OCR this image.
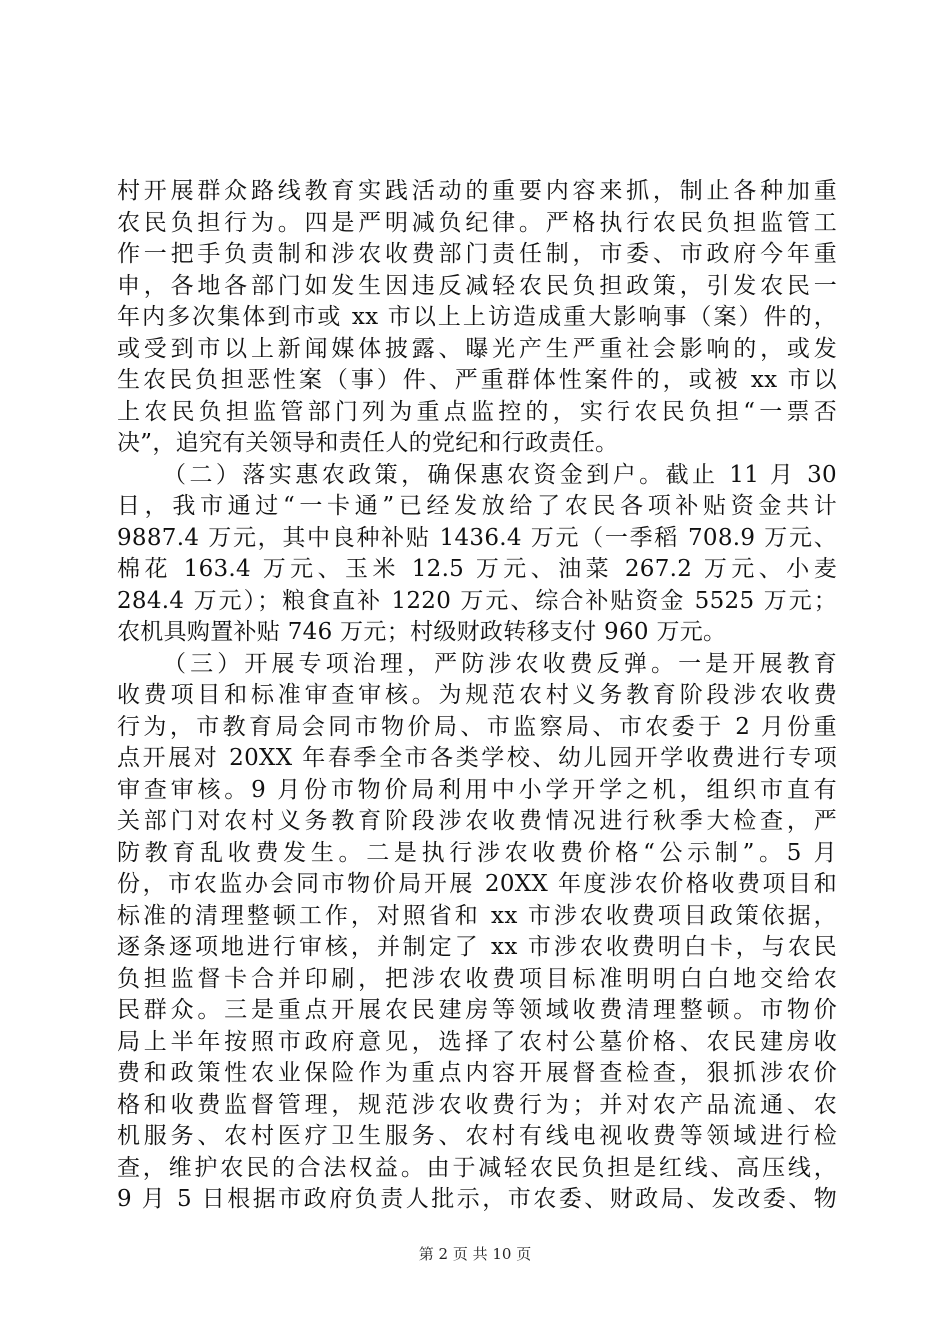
村开展群众路线教育实践活动的重要内容来抓，制止各种加重
农民负担行为。四是严明减负纪律。严格执行农民负担监管工
作一把手负责制和涉农收费部门责任制，市委、市政府今年重
申，各地各部门如发生因违反减轻农民负担政策，引发农民一
年内多次集体到市或 xx 市以上上访造成重大影响事（案）件的，
或受到市以上新闻媒体披露、曝光产生严重社会影响的，或发
生农民负担恶性案（事）件、严重群体性案件的，或被 xx 市以
上农民负担监管部门列为重点监控的，实行农民负担“一票否
决”，追究有关领导和责任人的党纪和行政责任。
（二）落实惠农政策，确保惠农资金到户。截止 11 月 30
日，我市通过“一卡通”已经发放给了农民各项补贴资金共计
9887.4 万元，其中良种补贴 1436.4 万元（一季稻 708.9 万元、
棉花 163.4 万元、玉米 12.5 万元、油菜 267.2 万元、小麦
284.4 万元）；粮食直补 1220 万元、综合补贴资金 5525 万元；
农机具购置补贴 746 万元；村级财政转移支付 960 万元。
（三）开展专项治理，严防涉农收费反弹。一是开展教育
收费项目和标准审查审核。为规范农村义务教育阶段涉农收费
行为，市教育局会同市物价局、市监察局、市农委于 2 月份重
点开展对 20XX 年春季全市各类学校、幼儿园开学收费进行专项
审查审核。9 月份市物价局利用中小学开学之机，组织市直有
关部门对农村义务教育阶段涉农收费情况进行秋季大检查，严
防教育乱收费发生。二是执行涉农收费价格“公示制”。5 月
份，市农监办会同市物价局开展 20XX 年度涉农价格收费项目和
标准的清理整顿工作，对照省和 xx 市涉农收费项目政策依据，
逐条逐项地进行审核，并制定了 xx 市涉农收费明白卡，与农民
负担监督卡合并印刷，把涉农收费项目标准明明白白地交给农
民群众。三是重点开展农民建房等领域收费清理整顿。市物价
局上半年按照市政府意见，选择了农村公墓价格、农民建房收
费和政策性农业保险作为重点内容开展督查检查，狠抓涉农价
格和收费监督管理，规范涉农收费行为；并对农产品流通、农
机服务、农村医疗卫生服务、农村有线电视收费等领域进行检
查，维护农民的合法权益。由于减轻农民负担是红线、高压线，
9 月 5 日根据市政府负责人批示，市农委、财政局、发改委、物
第 2 页 共 10 页
